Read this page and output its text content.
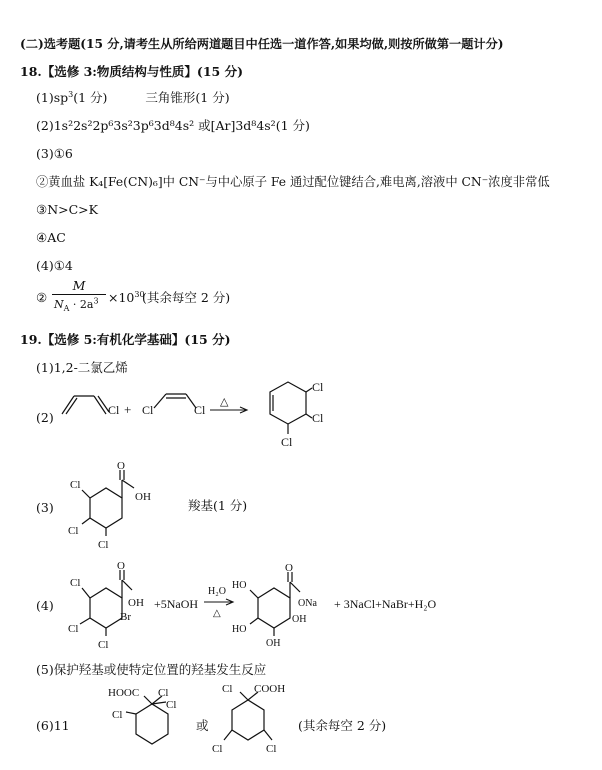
(二)选考题(15 分,请考生从所给两道题目中任选一道作答,如果均做,则按所做第一题计分)
18.【选修 3:物质结构与性质】(15 分)
$(1)sp^3(1$ 分)	三角锥形(1 分)
(2)1s²2s²2p⁶3s²3p⁶3d⁸4s² 或[Ar]3d⁸4s²(1 分)
(3)①6
②黄血盐 K₄[Fe(CN)₆]中 CN⁻与中心原子 Fe 通过配位键结合,难电离,溶液中 CN⁻浓度非常低
③N>C>K
④AC
(4)①4
②
M
$N_A \cdot 2a^3 \times 10^{30}$
(其余每空 2 分)
19.【选修 5:有机化学基础】(15 分)
(1)1,2-二氯乙烯
(2)	Cl + Cl	Cl
△
Cl
Cl
Cl
(3)
O
OH
Cl
Cl
Cl
羧基(1 分)
(4)
O
OH
Br
Cl
Cl
Cl
+5NaOH
H₂O
△
O
ONa
OH
HO
HO
OH
+ 3NaCl+NaBr+H₂O
(5)保护羟基或使特定位置的羟基发生反应
(6)11
HOOC Cl
Cl
Cl
Cl COOH
Cl	Cl
或	(其余每空 2 分)
